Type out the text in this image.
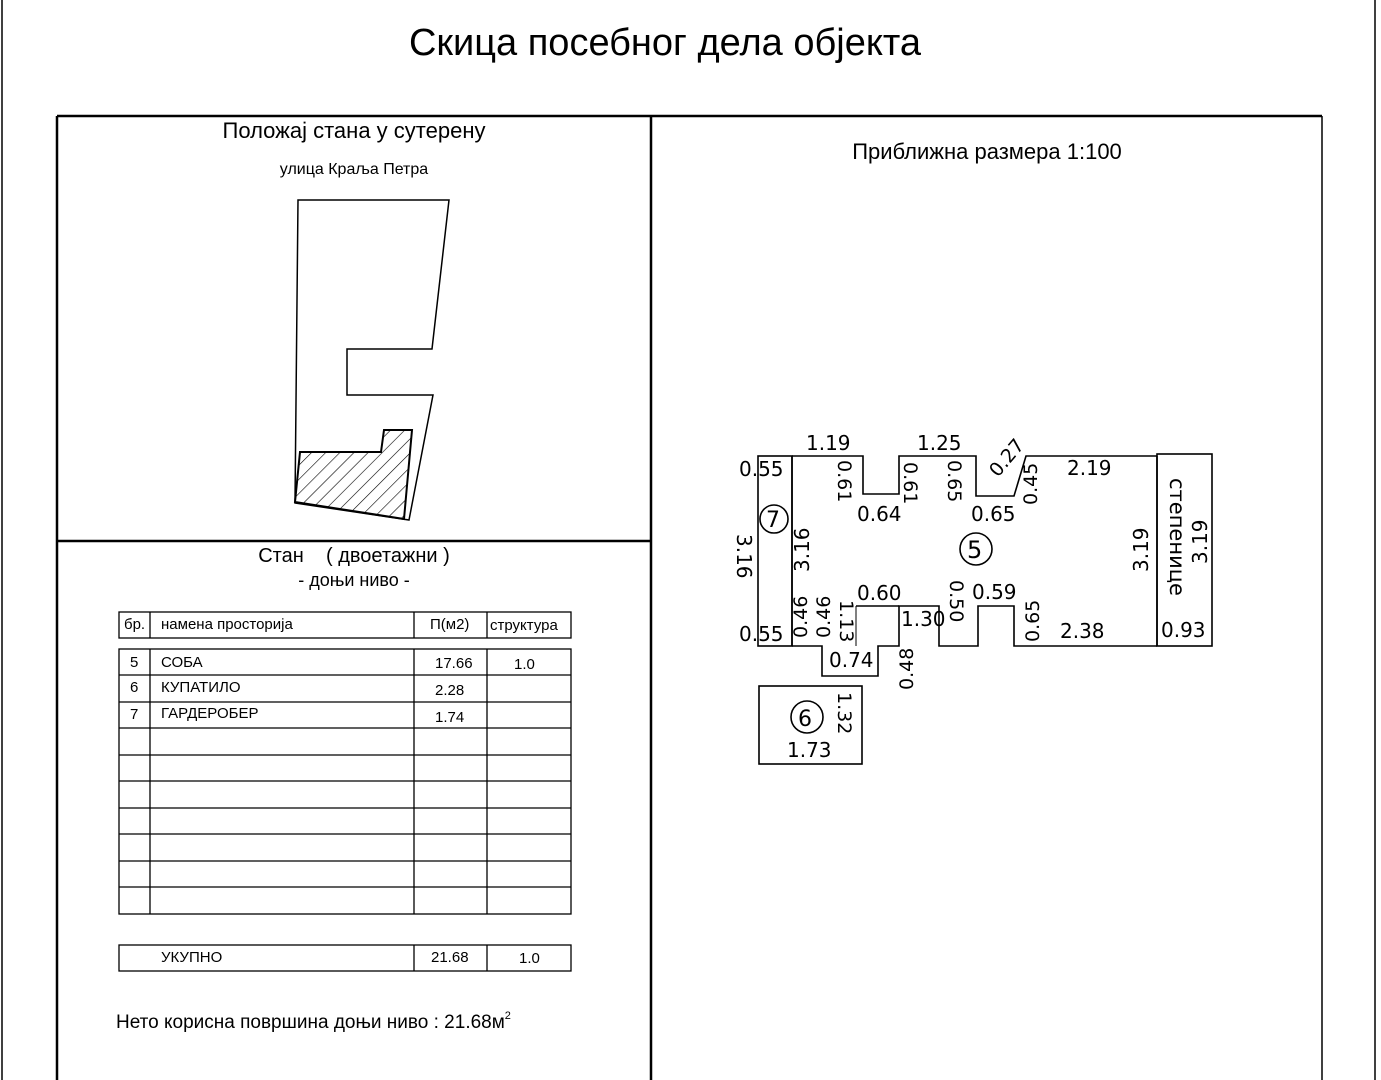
Скица посебног дела објекта
Положај стана у сутерену
улица Краља Петра
Стан    ( двоетажни )
- доњи ниво -
бр. намена просторија	П(м2) структура
5 СОБА	17.66	1.0
6 КУПАТИЛО	2.28
7 ГАРДЕРОБЕР	1.74
УКУПНО	21.68	1.0
Нето корисна површина доњи ниво : $21.68м^2$
Приближна размера 1:100
7
5
6
1.19	1.25
2.19
0.55
0.64	0.65
0.60	0.59
1.30	2.38	0.93
0.55
0.74
1.73
0.61 0.61 0.65	0.45
0.27
3.16 3.16	3.19 3.19
степенице
0.46 0.46 1.13	0.50	0.65
0.48
1.32
